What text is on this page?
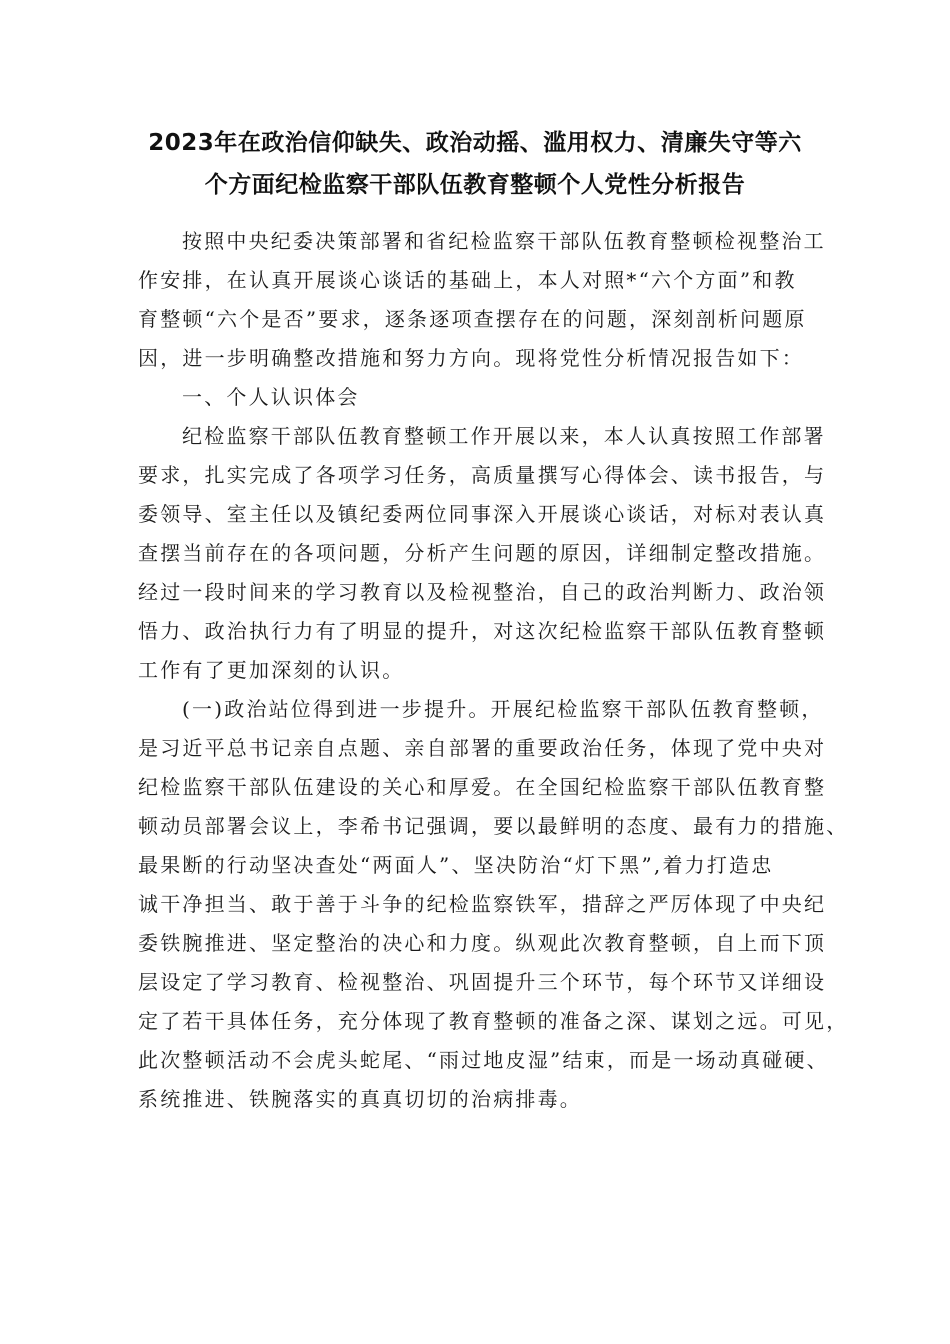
2023年在政治信仰缺失、政治动摇、滥用权力、清廉失守等六
个方面纪检监察干部队伍教育整顿个人党性分析报告
按照中央纪委决策部署和省纪检监察干部队伍教育整顿检视整治工
作安排，在认真开展谈心谈话的基础上，本人对照*“六个方面”和教
育整顿“六个是否”要求，逐条逐项查摆存在的问题，深刻剖析问题原
因，进一步明确整改措施和努力方向。现将党性分析情况报告如下：
一、个人认识体会
纪检监察干部队伍教育整顿工作开展以来，本人认真按照工作部署
要求，扎实完成了各项学习任务，高质量撰写心得体会、读书报告，与
委领导、室主任以及镇纪委两位同事深入开展谈心谈话，对标对表认真
查摆当前存在的各项问题，分析产生问题的原因，详细制定整改措施。
经过一段时间来的学习教育以及检视整治，自己的政治判断力、政治领
悟力、政治执行力有了明显的提升，对这次纪检监察干部队伍教育整顿
工作有了更加深刻的认识。
(一)政治站位得到进一步提升。开展纪检监察干部队伍教育整顿，
是习近平总书记亲自点题、亲自部署的重要政治任务，体现了党中央对
纪检监察干部队伍建设的关心和厚爱。在全国纪检监察干部队伍教育整
顿动员部署会议上，李希书记强调，要以最鲜明的态度、最有力的措施、
最果断的行动坚决查处“两面人”、坚决防治“灯下黑”,着力打造忠
诚干净担当、敢于善于斗争的纪检监察铁军，措辞之严厉体现了中央纪
委铁腕推进、坚定整治的决心和力度。纵观此次教育整顿，自上而下顶
层设定了学习教育、检视整治、巩固提升三个环节，每个环节又详细设
定了若干具体任务，充分体现了教育整顿的准备之深、谋划之远。可见，
此次整顿活动不会虎头蛇尾、“雨过地皮湿”结束，而是一场动真碰硬、
系统推进、铁腕落实的真真切切的治病排毒。
